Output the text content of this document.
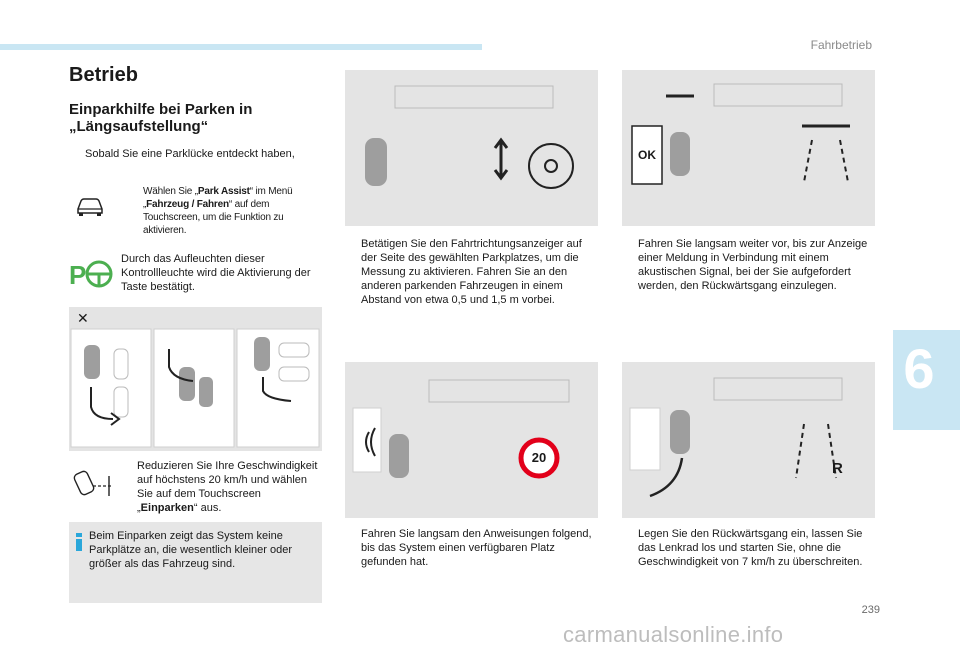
Fahrbetrieb
Betrieb
Einparkhilfe bei Parken in „Längsaufstellung“
Sobald Sie eine Parklücke entdeckt haben,
Wählen Sie „Park Assist“ im Menü „Fahrzeug / Fahren“ auf dem Touchscreen, um die Funktion zu aktivieren.
P
Durch das Aufleuchten dieser Kontrollleuchte wird die Aktivierung der Taste bestätigt.
✕
Reduzieren Sie Ihre Geschwindigkeit auf höchstens 20 km/h und wählen Sie auf dem Touchscreen „Einparken“ aus.
Beim Einparken zeigt das System keine Parkplätze an, die wesentlich kleiner oder größer als das Fahrzeug sind.
Betätigen Sie den Fahrtrichtungsanzeiger auf der Seite des gewählten Parkplatzes, um die Messung zu aktivieren. Fahren Sie an den anderen parkenden Fahrzeugen in einem Abstand von etwa 0,5 und 1,5 m vorbei.
20
Fahren Sie langsam den Anweisungen folgend, bis das System einen verfügbaren Platz gefunden hat.
OK
Fahren Sie langsam weiter vor, bis zur Anzeige einer Meldung in Verbindung mit einem akustischen Signal, bei der Sie aufgefordert werden, den Rückwärtsgang einzulegen.
R
Legen Sie den Rückwärtsgang ein, lassen Sie das Lenkrad los und starten Sie, ohne die Geschwindigkeit von 7 km/h zu überschreiten.
6
239
carmanualsonline.info
